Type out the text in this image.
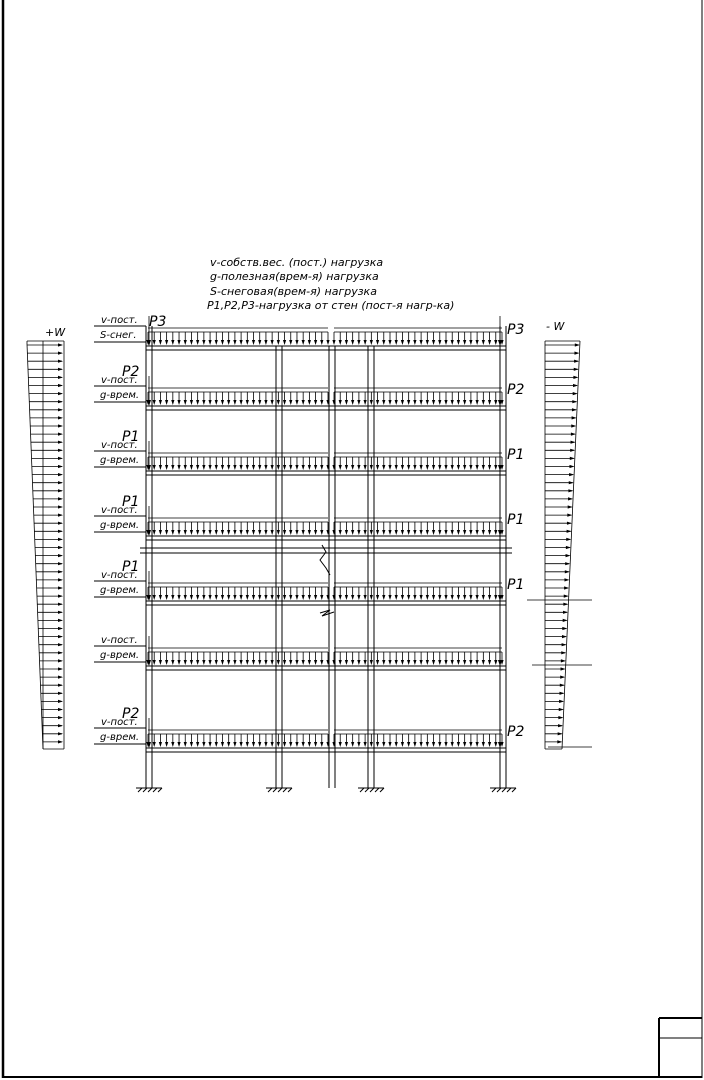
v-собств.вес. (пост.) нагрузка
g-полезная(врем-я) нагрузка
S-снеговая(врем-я) нагрузка
P1,P2,P3-нагрузка от стен (пост-я нагр-ка)
+W	- W
v-пост.
S-снег.	P3
P3
v-пост.
g-врем.
P2
P2
v-пост.
g-врем.
P1
P1
v-пост.
g-врем.
P1
P1
v-пост.
g-врем.
P1
P1
v-пост.
g-врем.
v-пост.
g-врем.
P2
P2
